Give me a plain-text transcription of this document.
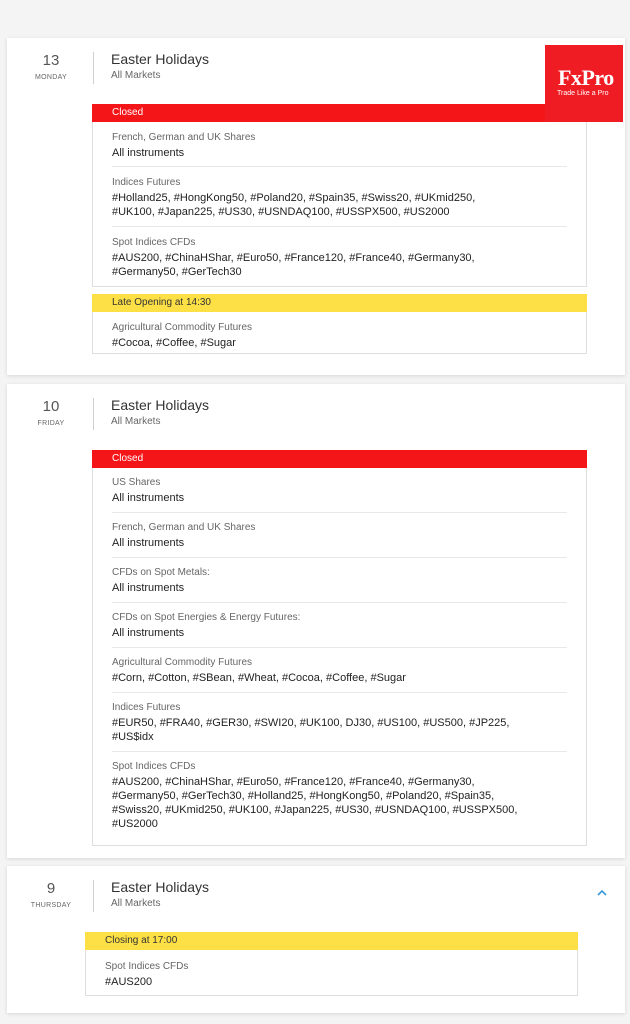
13
MONDAY
Easter Holidays
All Markets
Closed
French, German and UK Shares
All instruments
Indices Futures
#Holland25, #HongKong50, #Poland20, #Spain35, #Swiss20, #UKmid250,
#UK100, #Japan225, #US30, #USNDAQ100, #USSPX500, #US2000
Spot Indices CFDs
#AUS200, #ChinaHShar, #Euro50, #France120, #France40, #Germany30,
#Germany50, #GerTech30
Late Opening at 14:30
Agricultural Commodity Futures
#Cocoa, #Coffee, #Sugar
FxPro
Trade Like a Pro
10
FRIDAY
Easter Holidays
All Markets
Closed
US Shares
All instruments
French, German and UK Shares
All instruments
CFDs on Spot Metals:
All instruments
CFDs on Spot Energies & Energy Futures:
All instruments
Agricultural Commodity Futures
#Corn, #Cotton, #SBean, #Wheat, #Cocoa, #Coffee, #Sugar
Indices Futures
#EUR50, #FRA40, #GER30, #SWI20, #UK100, DJ30, #US100, #US500, #JP225,
#US$idx
Spot Indices CFDs
#AUS200, #ChinaHShar, #Euro50, #France120, #France40, #Germany30,
#Germany50, #GerTech30, #Holland25, #HongKong50, #Poland20, #Spain35,
#Swiss20, #UKmid250, #UK100, #Japan225, #US30, #USNDAQ100, #USSPX500,
#US2000
9
THURSDAY
Easter Holidays
All Markets
Closing at 17:00
Spot Indices CFDs
#AUS200
